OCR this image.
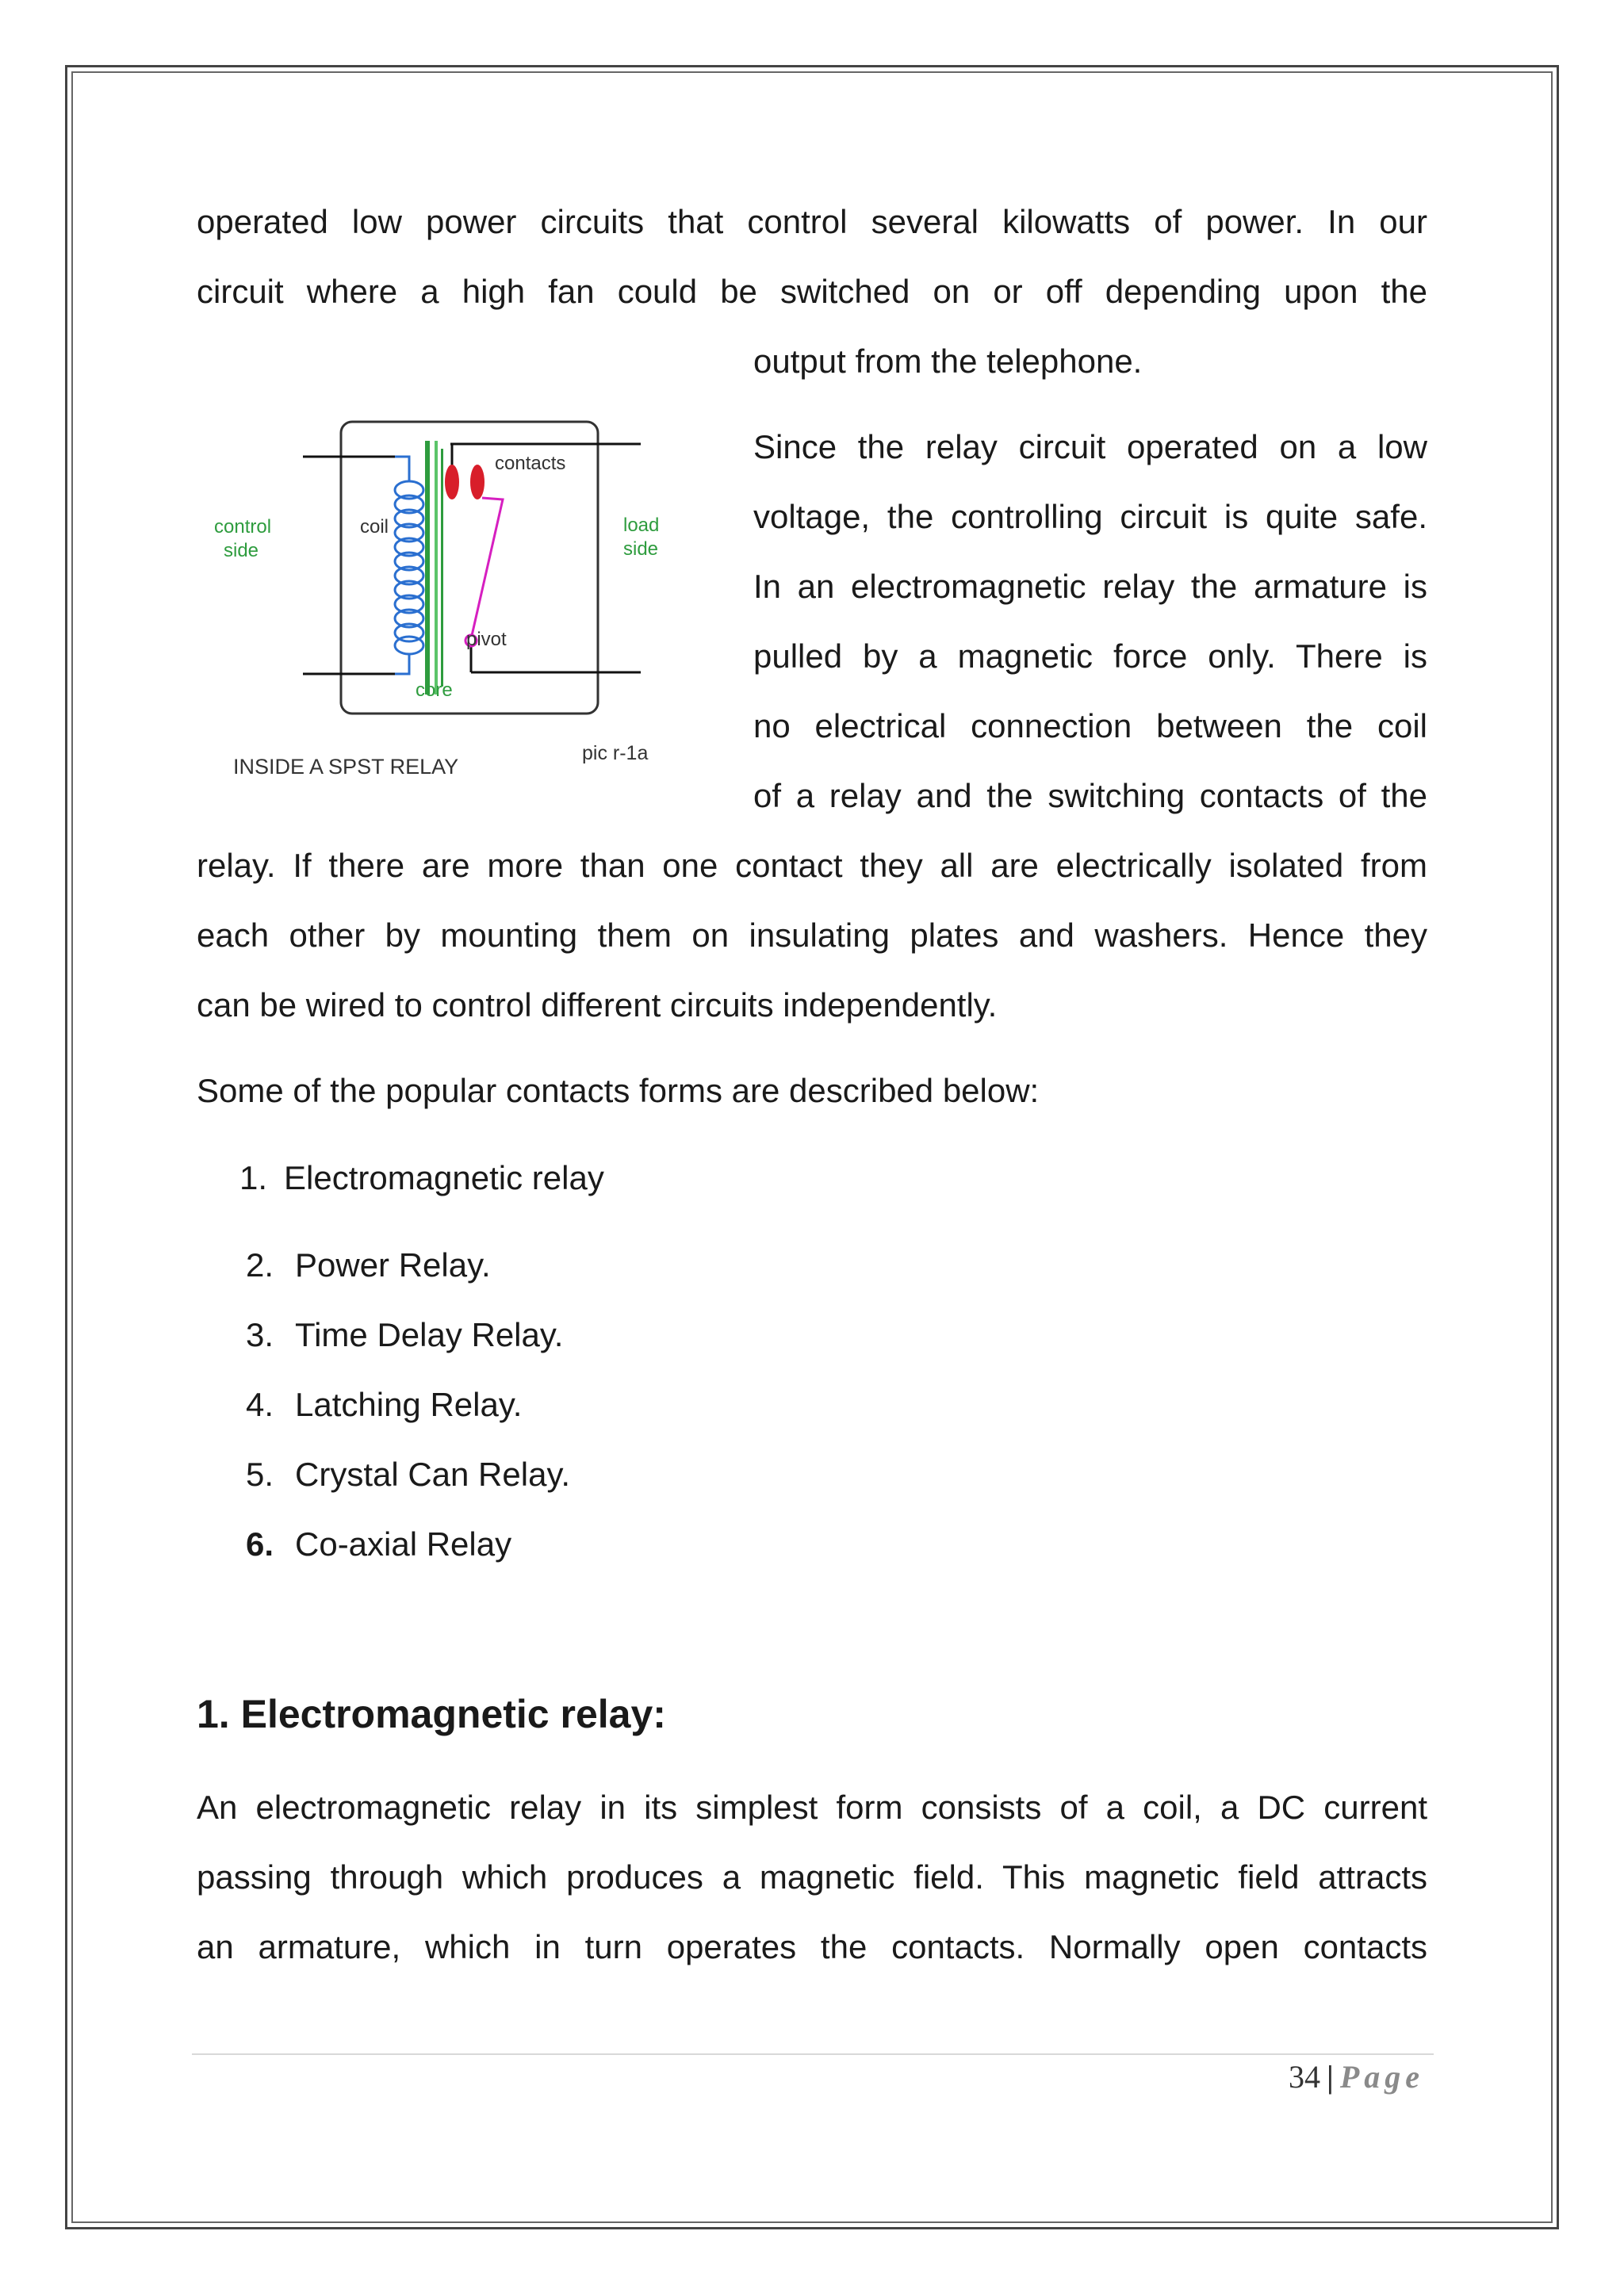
operated low power circuits that control several kilowatts of power. In our
circuit where a high fan could be switched on or off depending upon the
output from the telephone.
contacts
coil
control
side
load
side
pivot
core
INSIDE A SPST RELAY
pic r-1a
Since the relay circuit operated on a low
voltage, the controlling circuit is quite safe.
In an electromagnetic relay the armature is
pulled by a magnetic force only. There is
no electrical connection between the coil
of a relay and the switching contacts of the
relay. If there are more than one contact they all are electrically isolated from
each other by mounting them on insulating plates and washers. Hence they
can be wired to control different circuits independently.
Some of the popular contacts forms are described below:
1. Electromagnetic relay
2. Power Relay.
3. Time Delay Relay.
4. Latching Relay.
5. Crystal Can Relay.
6. Co-axial Relay
1. Electromagnetic relay:
An electromagnetic relay in its simplest form consists of a coil, a DC current
passing through which produces a magnetic field. This magnetic field attracts
an armature, which in turn operates the contacts. Normally open contacts
34 | Page
